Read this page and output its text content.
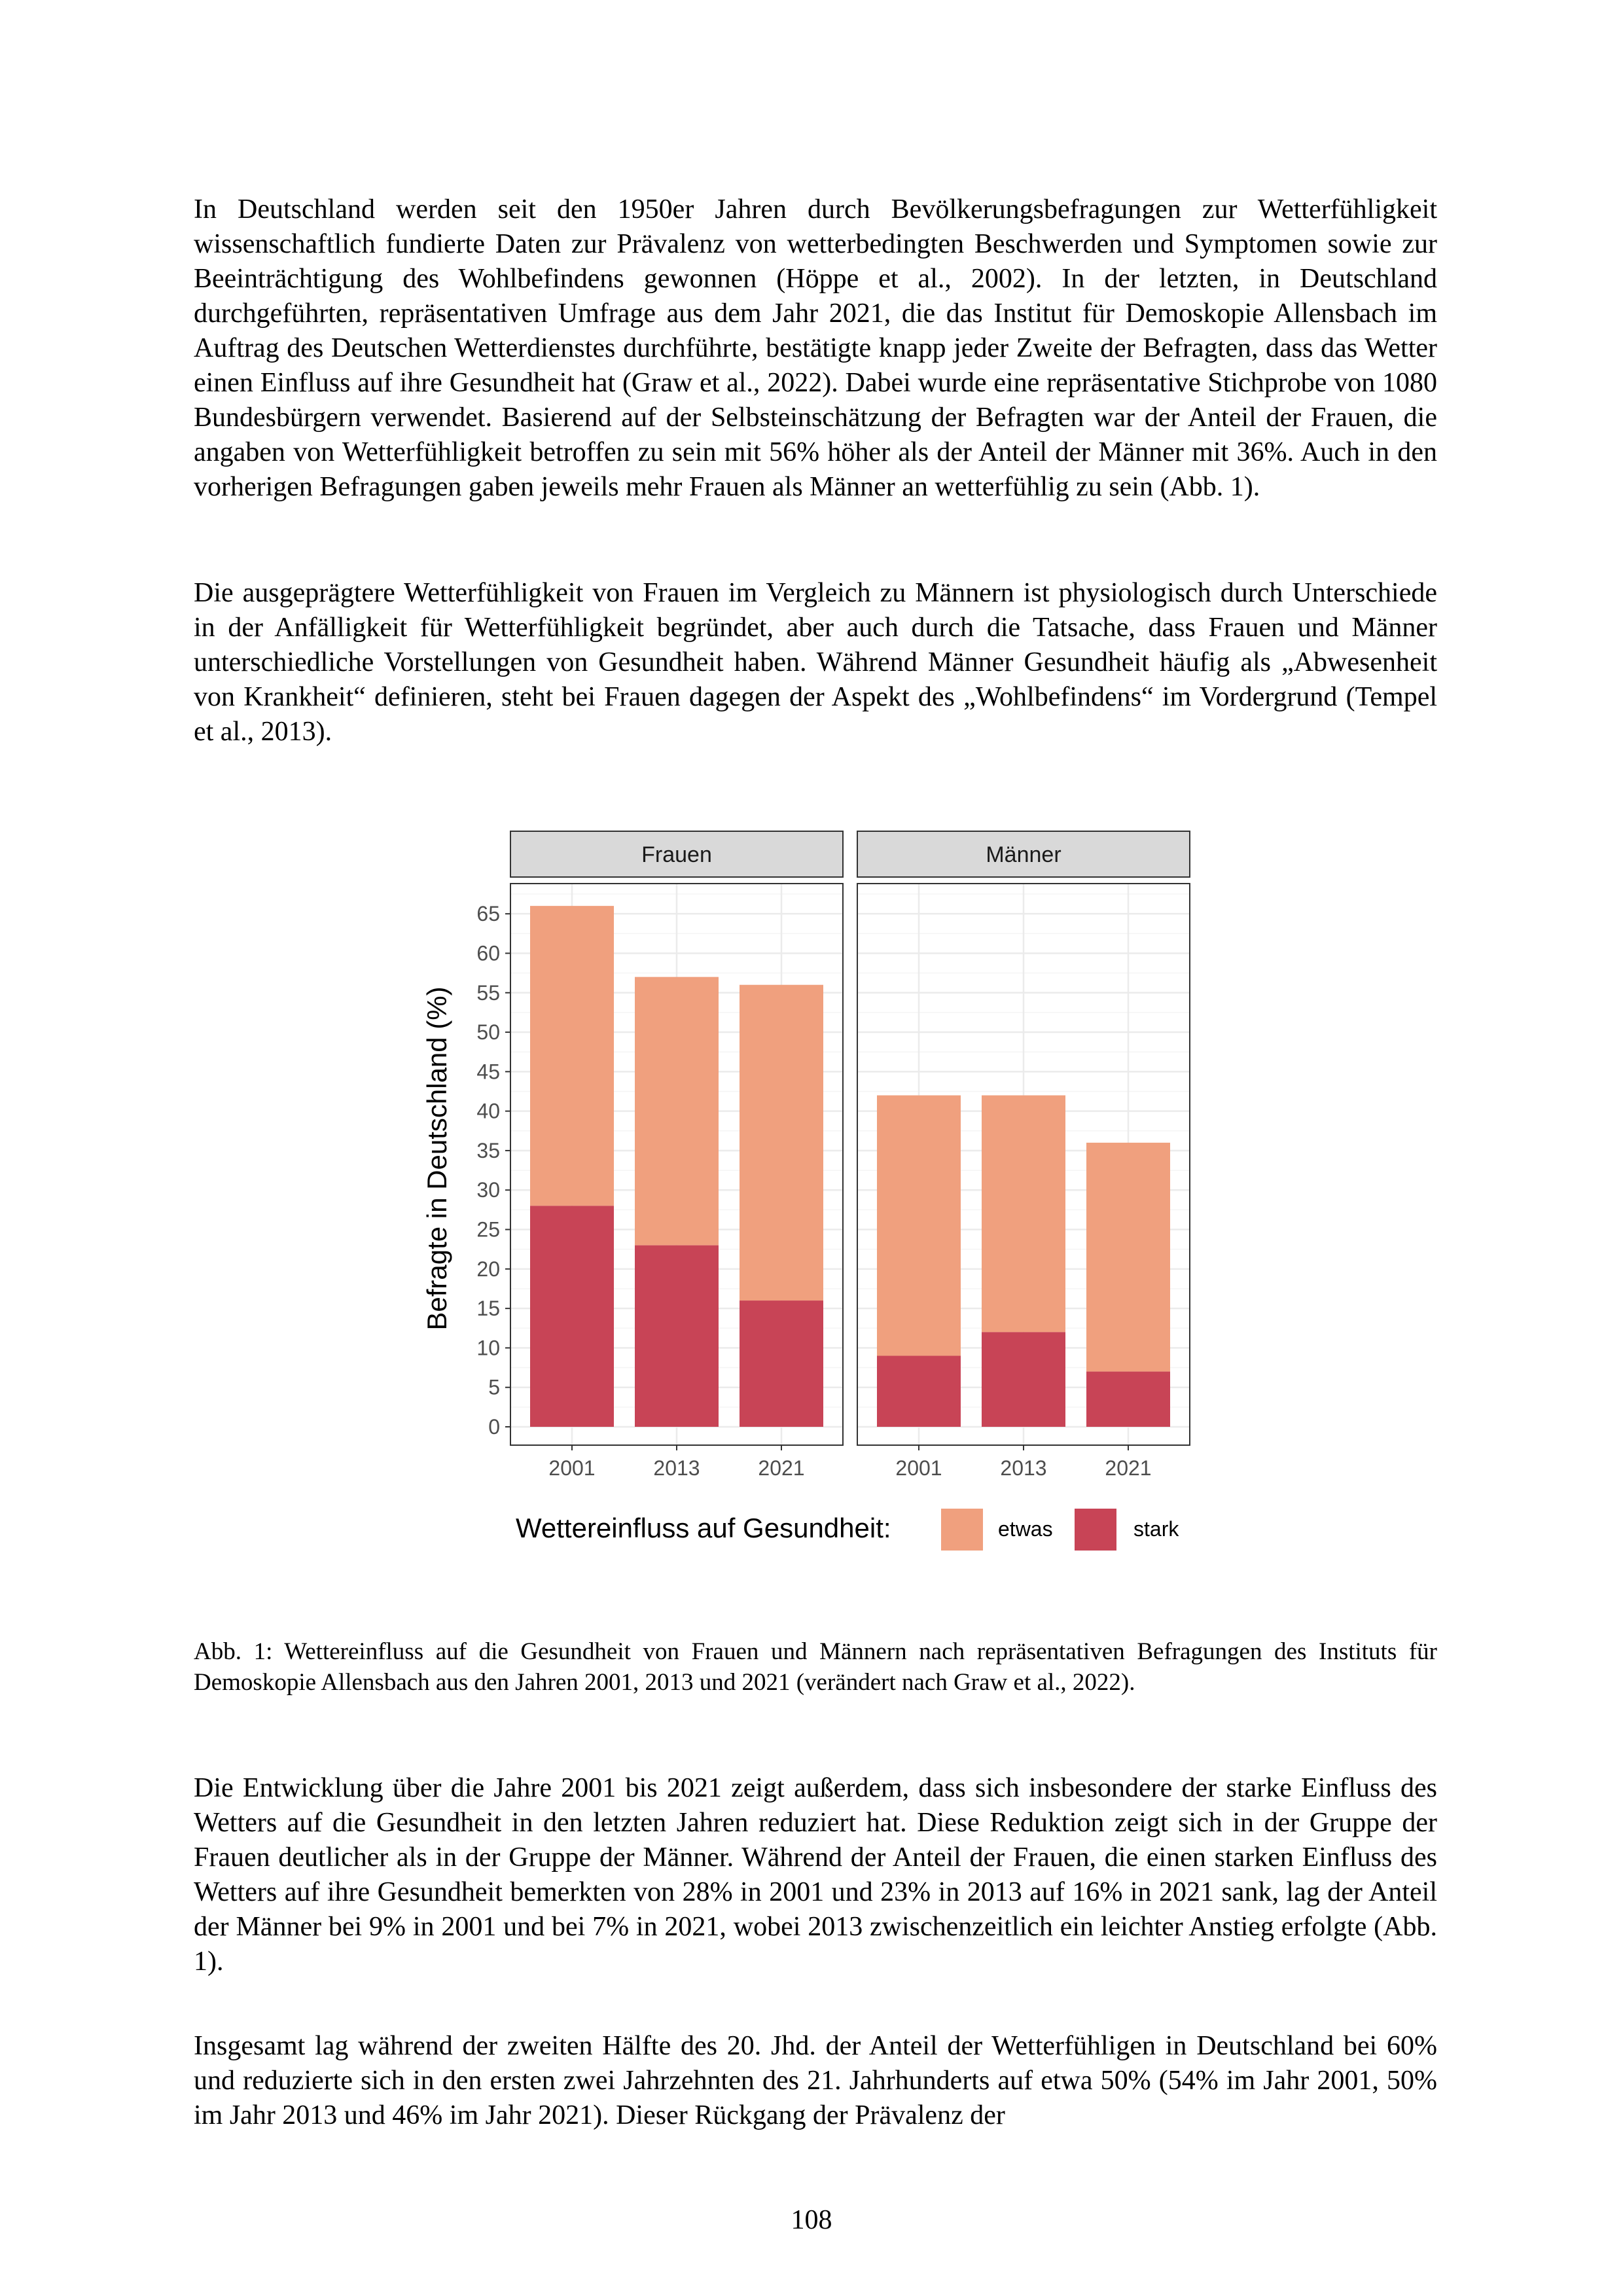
In Deutschland werden seit den 1950er Jahren durch Bevölkerungsbefragungen zur Wetterfühligkeit wissenschaftlich fundierte Daten zur Prävalenz von wetterbedingten Beschwerden und Symptomen sowie zur Beeinträchtigung des Wohlbefindens gewonnen (Höppe et al., 2002). In der letzten, in Deutschland durchgeführten, repräsentativen Umfrage aus dem Jahr 2021, die das Institut für Demoskopie Allensbach im Auftrag des Deutschen Wetterdienstes durchführte, bestätigte knapp jeder Zweite der Befragten, dass das Wetter einen Einfluss auf ihre Gesundheit hat (Graw et al., 2022). Dabei wurde eine repräsentative Stichprobe von 1080 Bundesbürgern verwendet. Basierend auf der Selbsteinschätzung der Befragten war der Anteil der Frauen, die angaben von Wetterfühligkeit betroffen zu sein mit 56% höher als der Anteil der Männer mit 36%. Auch in den vorherigen Befragungen gaben jeweils mehr Frauen als Männer an wetterfühlig zu sein (Abb. 1).

Die ausgeprägtere Wetterfühligkeit von Frauen im Vergleich zu Männern ist physiologisch durch Unterschiede in der Anfälligkeit für Wetterfühligkeit begründet, aber auch durch die Tatsache, dass Frauen und Männer unterschiedliche Vorstellungen von Gesundheit haben. Während Männer Gesundheit häufig als „Abwesenheit von Krankheit“ definieren, steht bei Frauen dagegen der Aspekt des „Wohlbefindens“ im Vordergrund (Tempel et al., 2013).

Frauen
2001	2013	2021
Männer
2001	2013	2021
0
5
10
15
20
25
30
35
40
45
50
55
60
65
Befragte in Deutschland (%)
Wettereinfluss auf Gesundheit:	etwas	stark

Abb. 1: Wettereinfluss auf die Gesundheit von Frauen und Männern nach repräsentativen Befragungen des Instituts für Demoskopie Allensbach aus den Jahren 2001, 2013 und 2021 (verändert nach Graw et al., 2022).

Die Entwicklung über die Jahre 2001 bis 2021 zeigt außerdem, dass sich insbesondere der starke Einfluss des Wetters auf die Gesundheit in den letzten Jahren reduziert hat. Diese Reduktion zeigt sich in der Gruppe der Frauen deutlicher als in der Gruppe der Männer. Während der Anteil der Frauen, die einen starken Einfluss des Wetters auf ihre Gesundheit bemerkten von 28% in 2001 und 23% in 2013 auf 16% in 2021 sank, lag der Anteil der Männer bei 9% in 2001 und bei 7% in 2021, wobei 2013 zwischenzeitlich ein leichter Anstieg erfolgte (Abb. 1).

Insgesamt lag während der zweiten Hälfte des 20. Jhd. der Anteil der Wetterfühligen in Deutschland bei 60% und reduzierte sich in den ersten zwei Jahrzehnten des 21. Jahrhunderts auf etwa 50% (54% im Jahr 2001, 50% im Jahr 2013 und 46% im Jahr 2021). Dieser Rückgang der Prävalenz der

108
